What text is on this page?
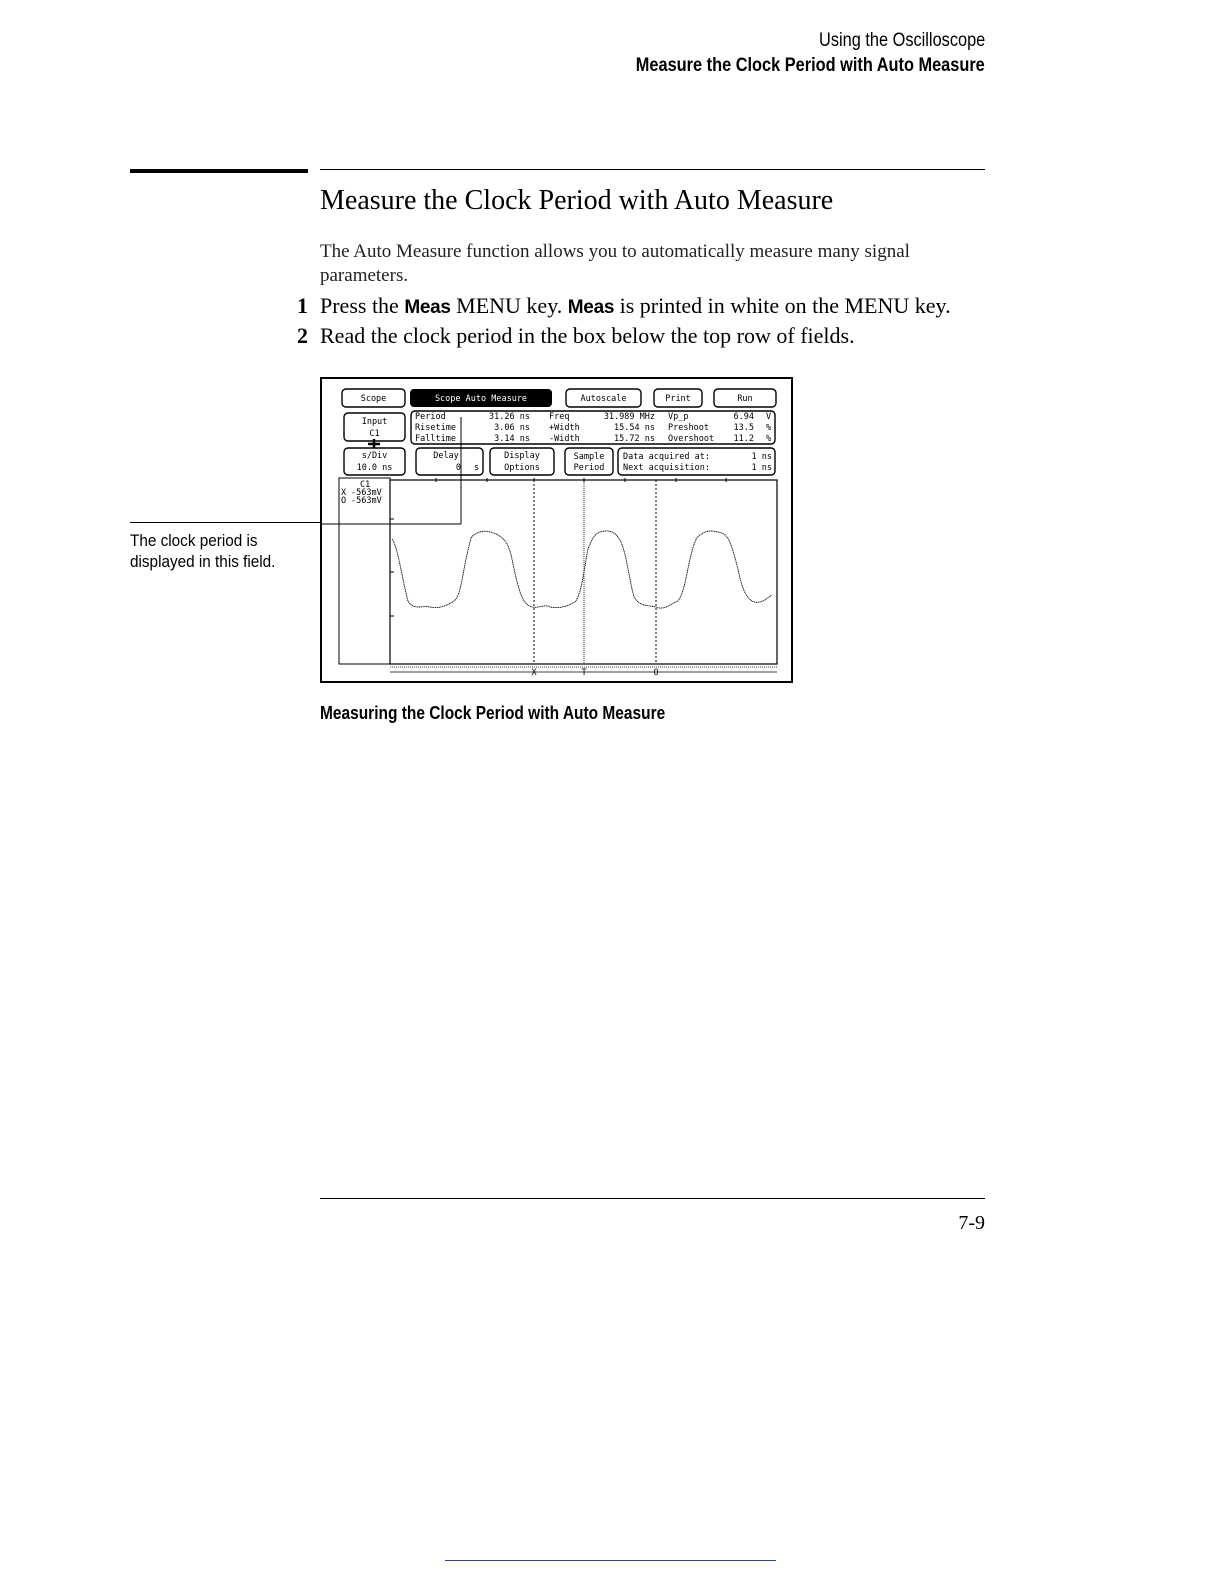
Using the Oscilloscope
Measure the Clock Period with Auto Measure
Measure the Clock Period with Auto Measure
The Auto Measure function allows you to automatically measure many signal parameters.
1 Press the Meas MENU key. Meas is printed in white on the MENU key.
2 Read the clock period in the box below the top row of fields.
Scope	Scope Auto Measure	Autoscale	Print	Run
Input
C1
Period	31.26 ns Freq	31.989 MHz Vp_p	6.94 V
Risetime	3.06 ns +Width	15.54 ns Preshoot	13.5 %
Falltime	3.14 ns -Width	15.72 ns Overshoot 11.2 %
s/Div
10.0 ns
Delay
0 s
Display
Options
Sample
Period
Data acquired at:	1 ns
Next acquisition:	1 ns
C1
X -563mV
O -563mV
X	T	O
The clock period is
displayed in this field.
Measuring the Clock Period with Auto Measure
7-9
